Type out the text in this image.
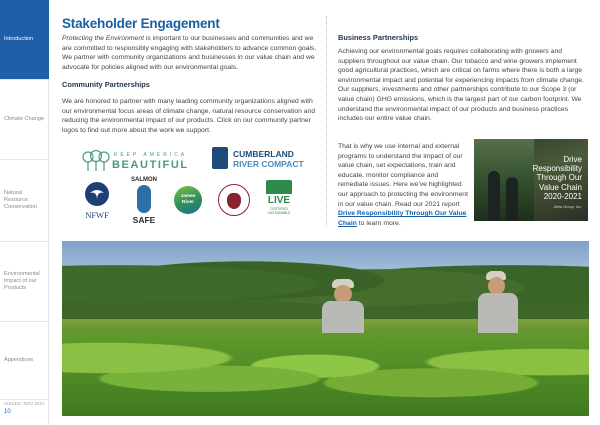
Introduction
Climate Change
Natural Resource Conservation
Environmental Impact of our Products
Appendices
ISSUED: NOV 2021
10
Stakeholder Engagement

Protecting the Environment is important to our businesses and communities and we are committed to responsibly engaging with stakeholders to advance common goals. We partner with community organizations and businesses in our value chain and we advocate for policies aligned with our environmental goals.

Community Partnerships

We are honored to partner with many leading community organizations aligned with our environmental focus areas of climate change, natural resource conservation and reducing the environmental impact of our products. Click on our community partner logos to find out more about the work we support.

Business Partnerships

Achieving our environmental goals requires collaborating with growers and suppliers throughout our value chain. Our tobacco and wine growers implement good agricultural practices, which are critical on farms where there is both a large environmental impact and potential for experiencing impacts from climate change. Our suppliers, investments and other partnerships contribute to our Scope 3 (or value chain) GHG emissions, which is the largest part of our carbon footprint. We understand the environmental impact of our products and business practices includes our entire value chain.

That is why we use internal and external programs to understand the impact of our value chain, set expectations, train and educate, monitor compliance and remediate issues. Here we've highlighted our approach to protecting the environment in our value chain. Read our 2021 report Drive Responsibility Through Our Value Chain to learn more.

Drive
Responsibility
Through Our
Value Chain
2020-2021
Altria Group, Inc.
KEEP AMERICA
BEAUTIFUL
CUMBERLAND
RIVER COMPACT
NFWF
SALMON
SAFE
James
River	LIVE
CERTIFIED
SUSTAINABLE
